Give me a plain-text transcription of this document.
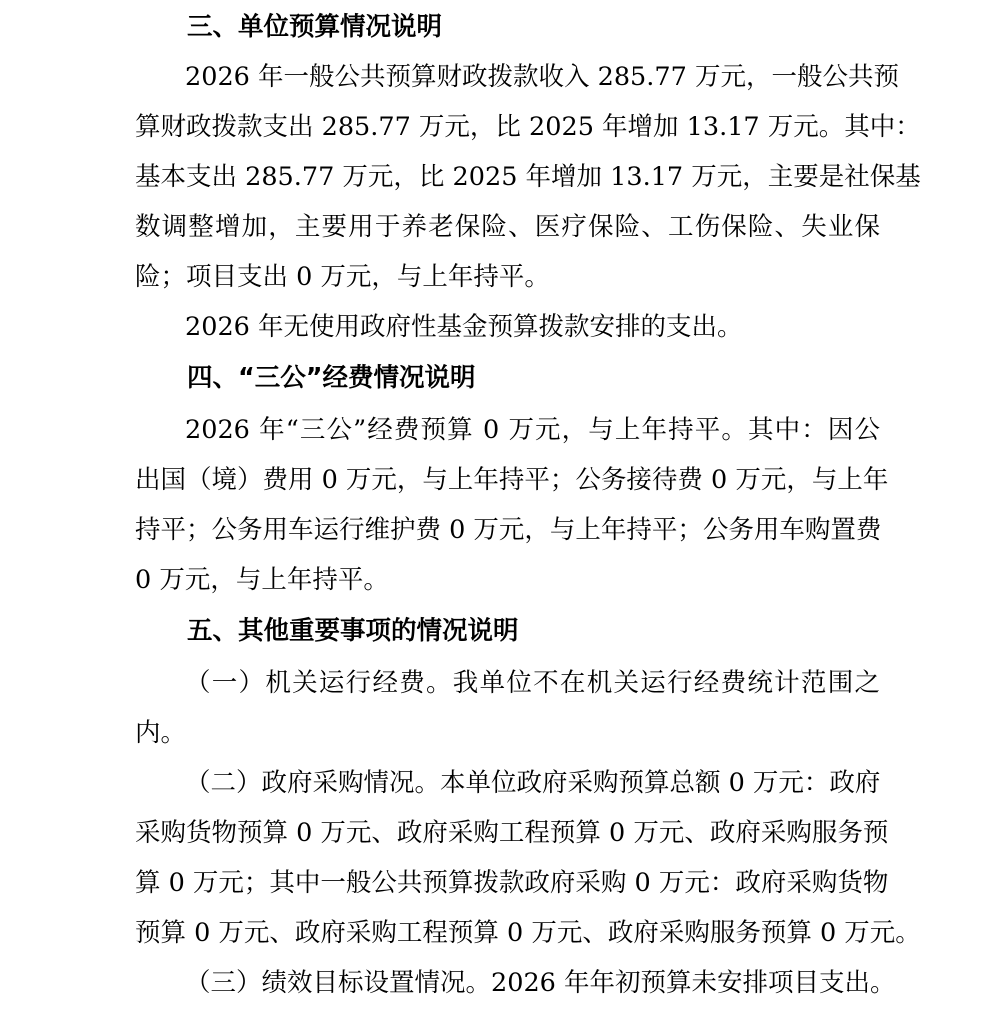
三、单位预算情况说明
2026 年一般公共预算财政拨款收入 285.77 万元，一般公共预
算财政拨款支出 285.77 万元，比 2025 年增加 13.17 万元。其中：
基本支出 285.77 万元，比 2025 年增加 13.17 万元，主要是社保基
数调整增加，主要用于养老保险、医疗保险、工伤保险、失业保
险；项目支出 0 万元，与上年持平。
2026 年无使用政府性基金预算拨款安排的支出。
四、“三公”经费情况说明
2026 年“三公”经费预算 0 万元，与上年持平。其中：因公
出国（境）费用 0 万元，与上年持平；公务接待费 0 万元，与上年
持平；公务用车运行维护费 0 万元，与上年持平；公务用车购置费
0 万元，与上年持平。
五、其他重要事项的情况说明
（一）机关运行经费。我单位不在机关运行经费统计范围之
内。
（二）政府采购情况。本单位政府采购预算总额 0 万元：政府
采购货物预算 0 万元、政府采购工程预算 0 万元、政府采购服务预
算 0 万元；其中一般公共预算拨款政府采购 0 万元：政府采购货物
预算 0 万元、政府采购工程预算 0 万元、政府采购服务预算 0 万元。
（三）绩效目标设置情况。2026 年年初预算未安排项目支出。
